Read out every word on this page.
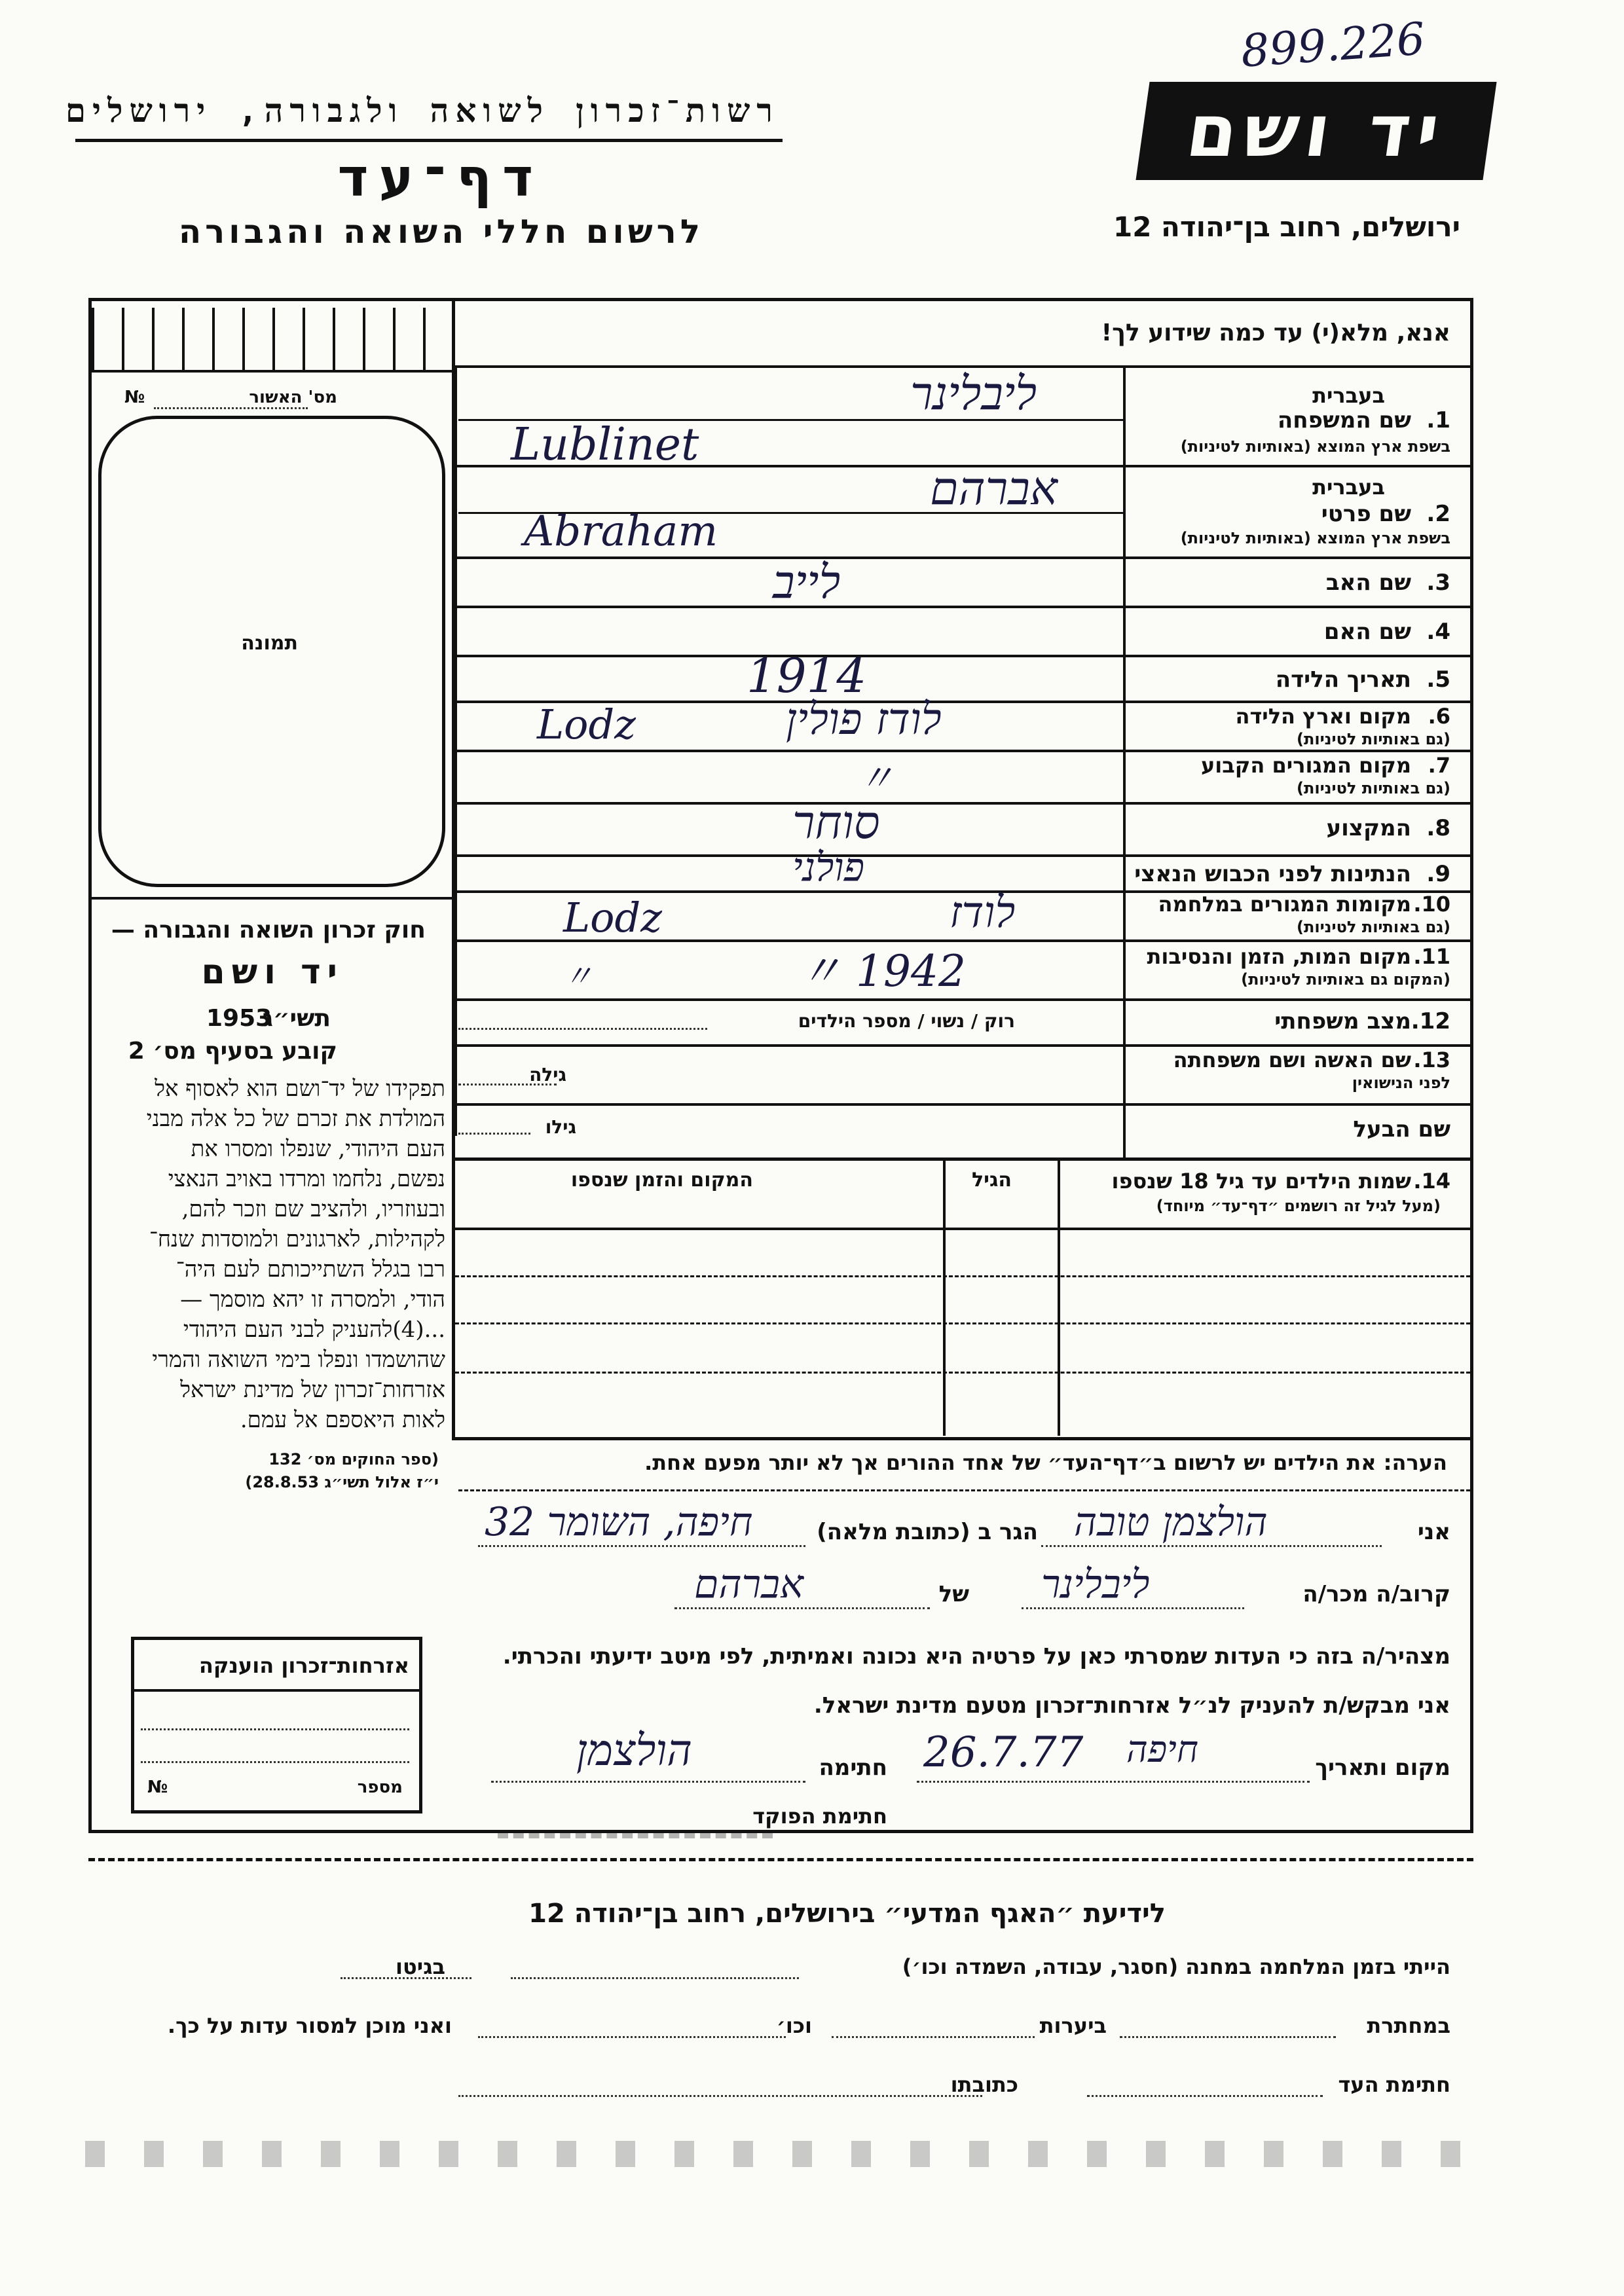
899.226
רשות־זכרון לשואה ולגבורה, ירושלים
דף־עד
לרשום חללי השואה והגבורה
יד ושם
ירושלים, רחוב בן־יהודה 12
מס' האשור
№
תמונה
חוק זכרון השואה והגבורה —
יד ושם
תשי״ג
1953
קובע בסעיף מס׳ 2
תפקידו של יד־ושם הוא לאסוף אל
המולדת את זכרם של כל אלה מבני
העם היהודי, שנפלו ומסרו את
נפשם, נלחמו ומרדו באויב הנאצי
ובעוזריו, ולהציב שם וזכר להם,
לקהילות, לארגונים ולמוסדות שנח־
רבו בגלל השתייכותם לעם היה־
הודי, ולמסרה זו יהא מוסמך —
...(4)להעניק לבני העם היהודי
שהושמדו ונפלו בימי השואה והמרי
אזרחות־זכרון של מדינת ישראל
לאות היאספם אל עמם.
(ספר החוקים מס׳ 132
י״ז אלול תשי״ג 28.8.53)
אזרחות־זכרון הוענקה
מספר
№
אנא, מלא(י) עד כמה שידוע לך!
בעברית
1.
שם המשפחה
בשפת ארץ המוצא (באותיות לטיניות)
ליבלינר
Lublinet
בעברית
2.
שם פרטי
בשפת ארץ המוצא (באותיות לטיניות)
אברהם
Abraham
3.
שם האב
לייב
4.
שם האם
5.
תאריך הלידה
1914
6.
מקום וארץ הלידה
(גם באותיות לטיניות)
לודז פולין
Lodz
7.
מקום המגורים הקבוע
(גם באותיות לטיניות)
〃
8.
המקצוע
סוחר
9.
הנתינות לפני הכבוש הנאצי
פולני
10.
מקומות המגורים במלחמה
(גם באותיות לטיניות)
לודז
Lodz
11.
מקום המות, הזמן והנסיבות
(המקום גם באותיות לטיניות)
1942 〃
〃
12.
מצב משפחתי
רוק / נשוי / מספר הילדים
13.
שם האשה ושם משפחתה
לפני הנישואין
גילה
שם הבעל
גילו
14.
שמות הילדים עד גיל 18 שנספו
(מעל לגיל זה רושמים ״דף־עד״ מיוחד)
הגיל
המקום והזמן שנספו
הערה: את הילדים יש לרשום ב״דף־העד״ של אחד ההורים אך לא יותר מפעם אחת.
אני
הולצמן טובה
הגר ב (כתובת מלאה)
חיפה, השומר 32
קרוב/ה מכר/ה
ליבלינר
של
אברהם
מצהיר/ה בזה כי העדות שמסרתי כאן על פרטיה היא נכונה ואמיתית, לפי מיטב ידיעתי והכרתי.
אני מבקש/ת להעניק לנ״ל אזרחות־זכרון מטעם מדינת ישראל.
מקום ותאריך
חיפה
26.7.77
חתימה
הולצמן
חתימת הפוקד
לידיעת ״האגף המדעי״ בירושלים, רחוב בן־יהודה 12
הייתי בזמן המלחמה במחנה (חסגר, עבודה, השמדה וכו׳)
בגיטו
במחתרת
ביערות
וכו׳
ואני מוכן למסור עדות על כך.
חתימת העד
כתובתו
